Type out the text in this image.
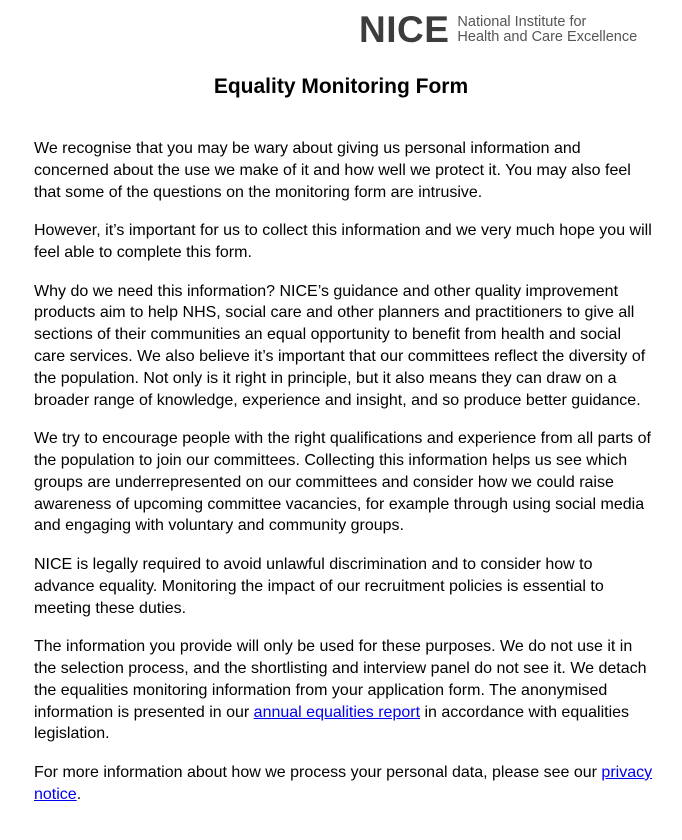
NICE National Institute for
Health and Care Excellence
Equality Monitoring Form

We recognise that you may be wary about giving us personal information and concerned about the use we make of it and how well we protect it. You may also feel that some of the questions on the monitoring form are intrusive.

However, it’s important for us to collect this information and we very much hope you will feel able to complete this form.

Why do we need this information? NICE’s guidance and other quality improvement products aim to help NHS, social care and other planners and practitioners to give all sections of their communities an equal opportunity to benefit from health and social care services. We also believe it’s important that our committees reflect the diversity of the population. Not only is it right in principle, but it also means they can draw on a broader range of knowledge, experience and insight, and so produce better guidance.

We try to encourage people with the right qualifications and experience from all parts of the population to join our committees. Collecting this information helps us see which groups are underrepresented on our committees and consider how we could raise awareness of upcoming committee vacancies, for example through using social media and engaging with voluntary and community groups.

NICE is legally required to avoid unlawful discrimination and to consider how to advance equality. Monitoring the impact of our recruitment policies is essential to meeting these duties.

The information you provide will only be used for these purposes. We do not use it in the selection process, and the shortlisting and interview panel do not see it. We detach the equalities monitoring information from your application form. The anonymised information is presented in our annual equalities report in accordance with equalities legislation.

For more information about how we process your personal data, please see our privacy notice.
